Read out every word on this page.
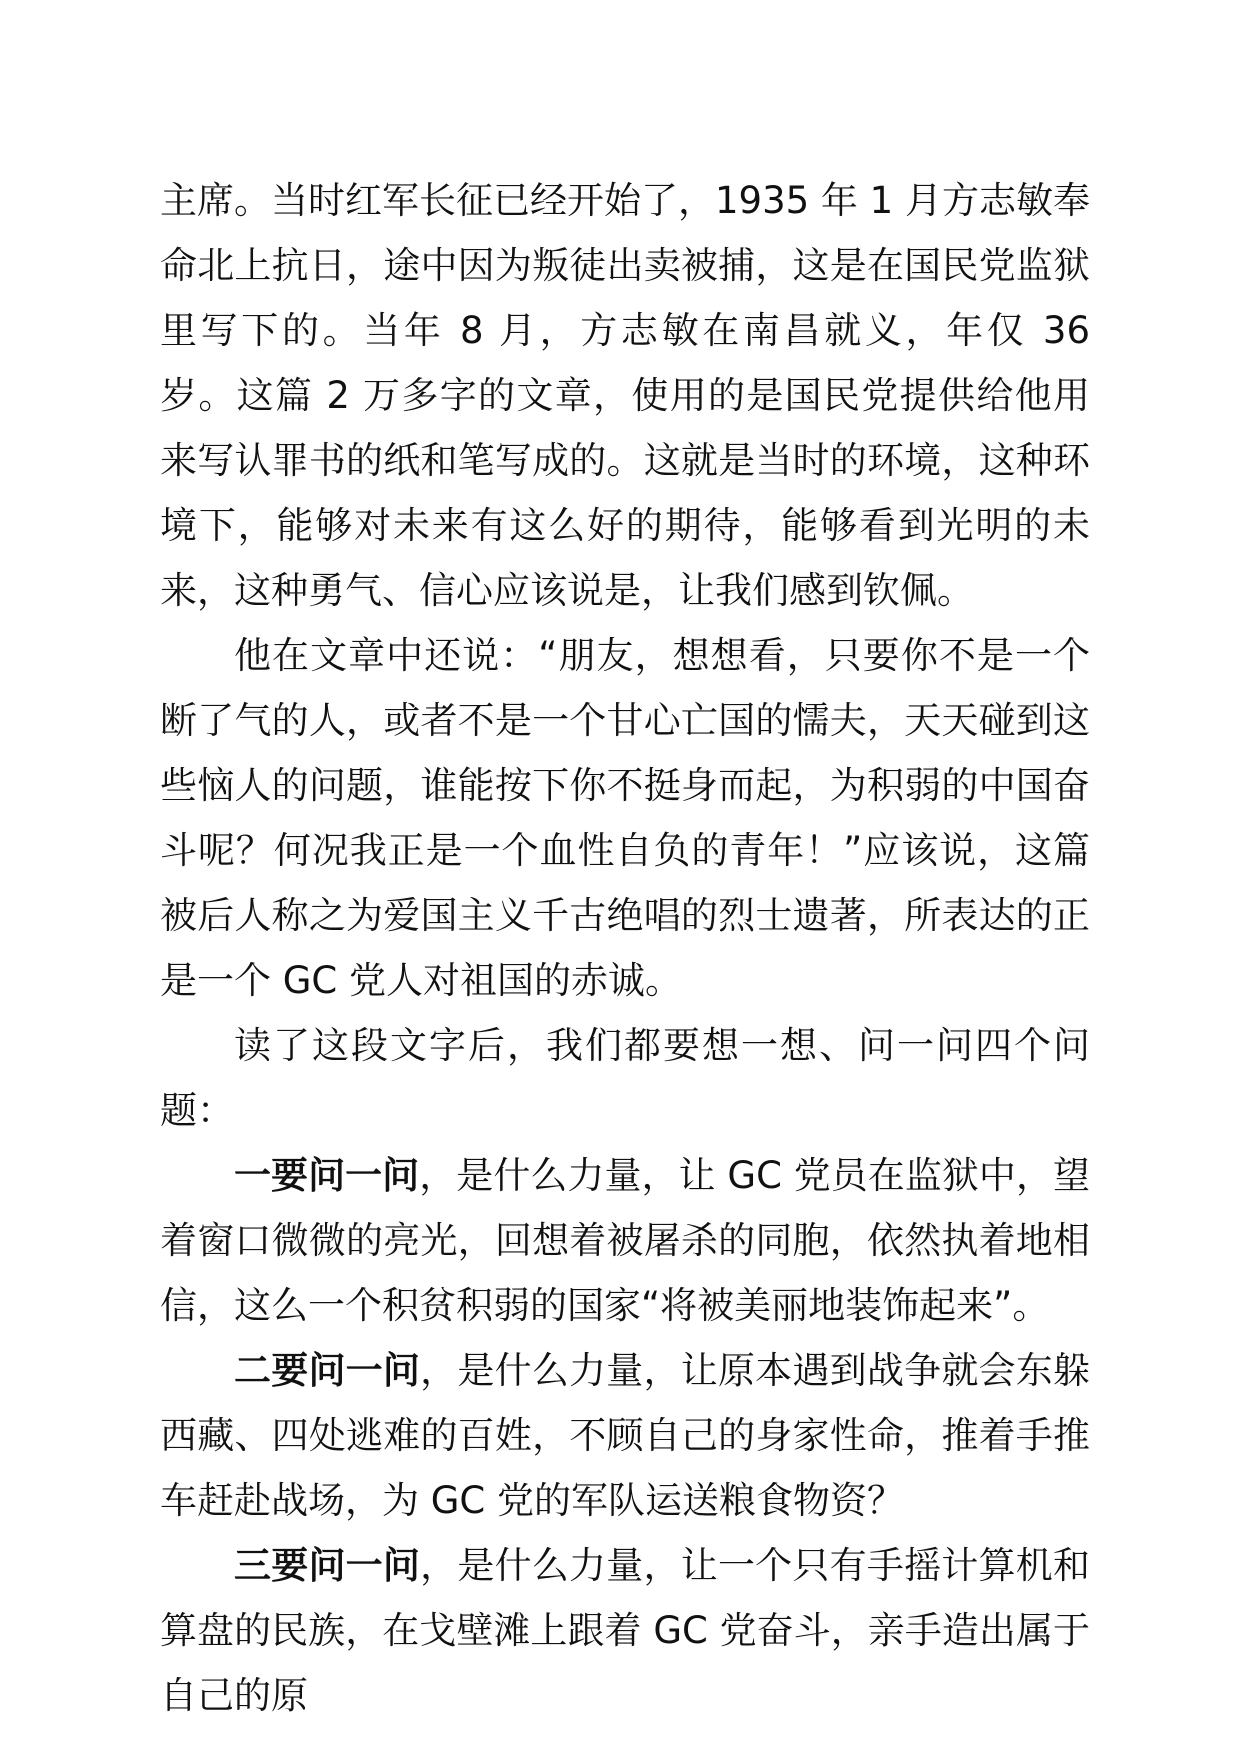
主席。当时红军长征已经开始了，1935 年 1 月方志敏奉命北上抗日，途中因为叛徒出卖被捕，这是在国民党监狱里写下的。当年 8 月，方志敏在南昌就义，年仅 36 岁。这篇 2 万多字的文章，使用的是国民党提供给他用来写认罪书的纸和笔写成的。这就是当时的环境，这种环境下，能够对未来有这么好的期待，能够看到光明的未来，这种勇气、信心应该说是，让我们感到钦佩。

他在文章中还说：“朋友，想想看，只要你不是一个断了气的人，或者不是一个甘心亡国的懦夫，天天碰到这些恼人的问题，谁能按下你不挺身而起，为积弱的中国奋斗呢？何况我正是一个血性自负的青年！”应该说，这篇被后人称之为爱国主义千古绝唱的烈士遗著，所表达的正是一个 GC 党人对祖国的赤诚。

读了这段文字后，我们都要想一想、问一问四个问题：

一要问一问，是什么力量，让 GC 党员在监狱中，望着窗口微微的亮光，回想着被屠杀的同胞，依然执着地相信，这么一个积贫积弱的国家“将被美丽地装饰起来”。

二要问一问，是什么力量，让原本遇到战争就会东躲西藏、四处逃难的百姓，不顾自己的身家性命，推着手推车赶赴战场，为 GC 党的军队运送粮食物资？

三要问一问，是什么力量，让一个只有手摇计算机和算盘的民族，在戈壁滩上跟着 GC 党奋斗，亲手造出属于自己的原
